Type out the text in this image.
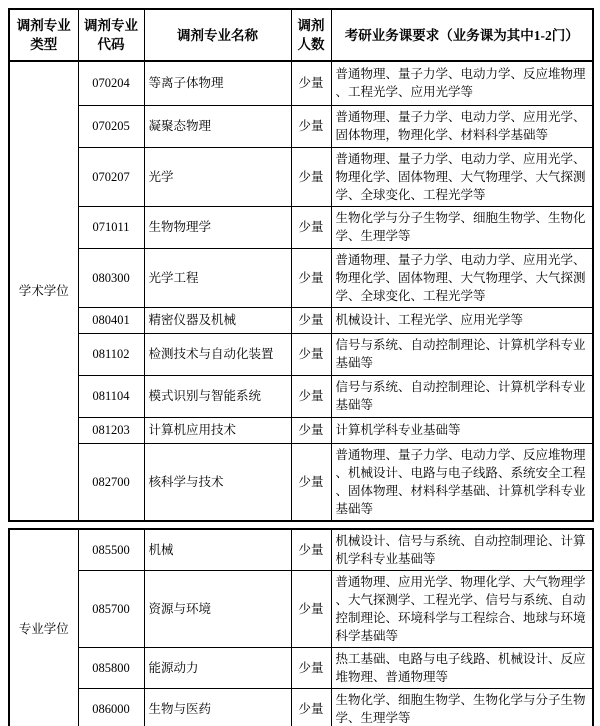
调剂专业类型	调剂专业代码	调剂专业名称	调剂人数	考研业务课要求（业务课为其中1-2门）
学术学位	070204	等离子体物理	少量	普通物理、量子力学、电动力学、反应堆物理、工程光学、应用光学等
	070205	凝聚态物理	少量	普通物理、量子力学、电动力学、应用光学、固体物理，物理化学、材料科学基础等
	070207	光学	少量	普通物理、量子力学、电动力学、应用光学、物理化学、固体物理、大气物理学、大气探测学、全球变化、工程光学等
	071011	生物物理学	少量	生物化学与分子生物学、细胞生物学、生物化学、生理学等
	080300	光学工程	少量	普通物理、量子力学、电动力学、应用光学、物理化学、固体物理、大气物理学、大气探测学、全球变化、工程光学等
	080401	精密仪器及机械	少量	机械设计、工程光学、应用光学等
	081102	检测技术与自动化装置	少量	信号与系统、自动控制理论、计算机学科专业基础等
	081104	模式识别与智能系统	少量	信号与系统、自动控制理论、计算机学科专业基础等
	081203	计算机应用技术	少量	计算机学科专业基础等
	082700	核科学与技术	少量	普通物理、量子力学、电动力学、反应堆物理、机械设计、电路与电子线路、系统安全工程、固体物理、材料科学基础、计算机学科专业基础等
专业学位	085500	机械	少量	机械设计、信号与系统、自动控制理论、计算机学科专业基础等
	085700	资源与环境	少量	普通物理、应用光学、物理化学、大气物理学、大气探测学、工程光学、信号与系统、自动控制理论、环境科学与工程综合、地球与环境科学基础等
	085800	能源动力	少量	热工基础、电路与电子线路、机械设计、反应堆物理、普通物理等
	086000	生物与医药	少量	生物化学、细胞生物学、生物化学与分子生物学、生理学等
